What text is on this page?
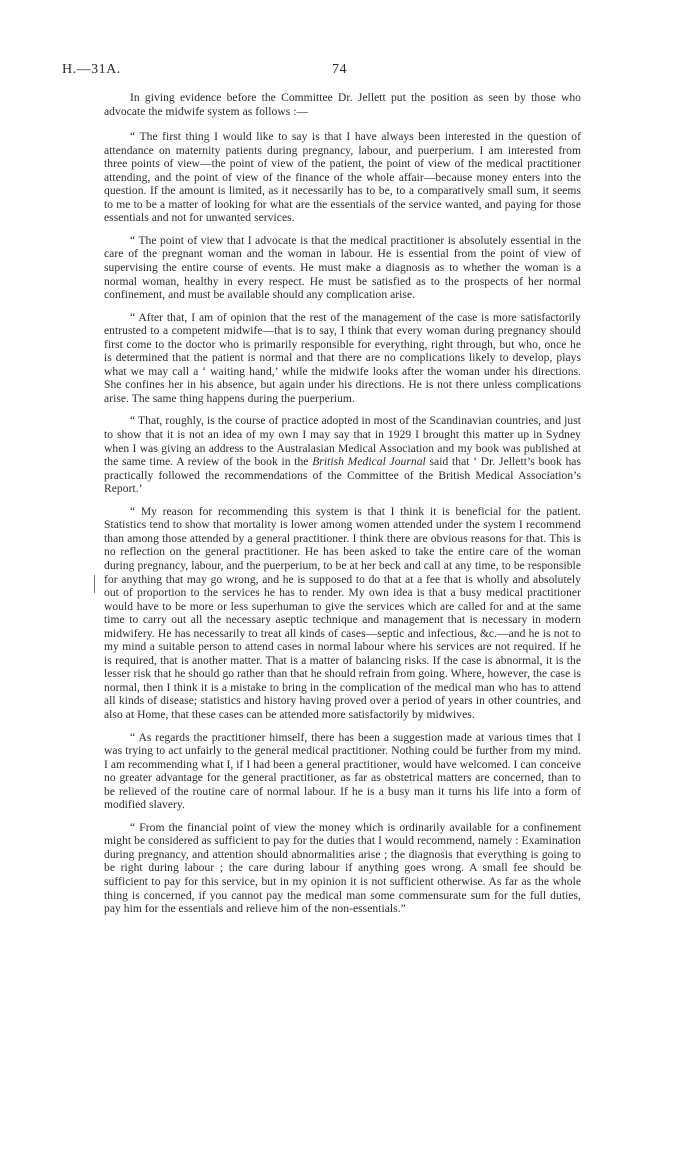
H.—31A.	74

In giving evidence before the Committee Dr. Jellett put the position as seen by those who advocate the midwife system as follows :—

“ The first thing I would like to say is that I have always been interested in the question of attendance on maternity patients during pregnancy, labour, and puerperium. I am interested from three points of view—the point of view of the patient, the point of view of the medical practitioner attending, and the point of view of the finance of the whole affair—because money enters into the question. If the amount is limited, as it necessarily has to be, to a comparatively small sum, it seems to me to be a matter of looking for what are the essentials of the service wanted, and paying for those essentials and not for unwanted services.

“ The point of view that I advocate is that the medical practitioner is absolutely essential in the care of the pregnant woman and the woman in labour. He is essential from the point of view of supervising the entire course of events. He must make a diagnosis as to whether the woman is a normal woman, healthy in every respect. He must be satisfied as to the prospects of her normal confinement, and must be available should any complication arise.

“ After that, I am of opinion that the rest of the management of the case is more satisfactorily entrusted to a competent midwife—that is to say, I think that every woman during pregnancy should first come to the doctor who is primarily responsible for everything, right through, but who, once he is determined that the patient is normal and that there are no complications likely to develop, plays what we may call a ‘ waiting hand,’ while the midwife looks after the woman under his directions. She confines her in his absence, but again under his directions. He is not there unless complications arise. The same thing happens during the puerperium.

“ That, roughly, is the course of practice adopted in most of the Scandinavian countries, and just to show that it is not an idea of my own I may say that in 1929 I brought this matter up in Sydney when I was giving an address to the Australasian Medical Association and my book was published at the same time. A review of the book in the British Medical Journal said that ‘ Dr. Jellett’s book has practically followed the recommendations of the Committee of the British Medical Association’s Report.’

“ My reason for recommending this system is that I think it is beneficial for the patient. Statistics tend to show that mortality is lower among women attended under the system I recommend than among those attended by a general practitioner. I think there are obvious reasons for that. This is no reflection on the general practitioner. He has been asked to take the entire care of the woman during pregnancy, labour, and the puerperium, to be at her beck and call at any time, to be responsible for anything that may go wrong, and he is supposed to do that at a fee that is wholly and absolutely out of proportion to the services he has to render. My own idea is that a busy medical practitioner would have to be more or less superhuman to give the services which are called for and at the same time to carry out all the necessary aseptic technique and management that is necessary in modern midwifery. He has necessarily to treat all kinds of cases—septic and infectious, &c.—and he is not to my mind a suitable person to attend cases in normal labour where his services are not required. If he is required, that is another matter. That is a matter of balancing risks. If the case is abnormal, it is the lesser risk that he should go rather than that he should refrain from going. Where, however, the case is normal, then I think it is a mistake to bring in the complication of the medical man who has to attend all kinds of disease; statistics and history having proved over a period of years in other countries, and also at Home, that these cases can be attended more satisfactorily by midwives.

“ As regards the practitioner himself, there has been a suggestion made at various times that I was trying to act unfairly to the general medical practitioner. Nothing could be further from my mind. I am recommending what I, if I had been a general practitioner, would have welcomed. I can conceive no greater advantage for the general practitioner, as far as obstetrical matters are concerned, than to be relieved of the routine care of normal labour. If he is a busy man it turns his life into a form of modified slavery.

“ From the financial point of view the money which is ordinarily available for a confinement might be considered as sufficient to pay for the duties that I would recommend, namely : Examination during pregnancy, and attention should abnormalities arise ; the diagnosis that everything is going to be right during labour ; the care during labour if anything goes wrong. A small fee should be sufficient to pay for this service, but in my opinion it is not sufficient otherwise. As far as the whole thing is concerned, if you cannot pay the medical man some commensurate sum for the full duties, pay him for the essentials and relieve him of the non-essentials.”
